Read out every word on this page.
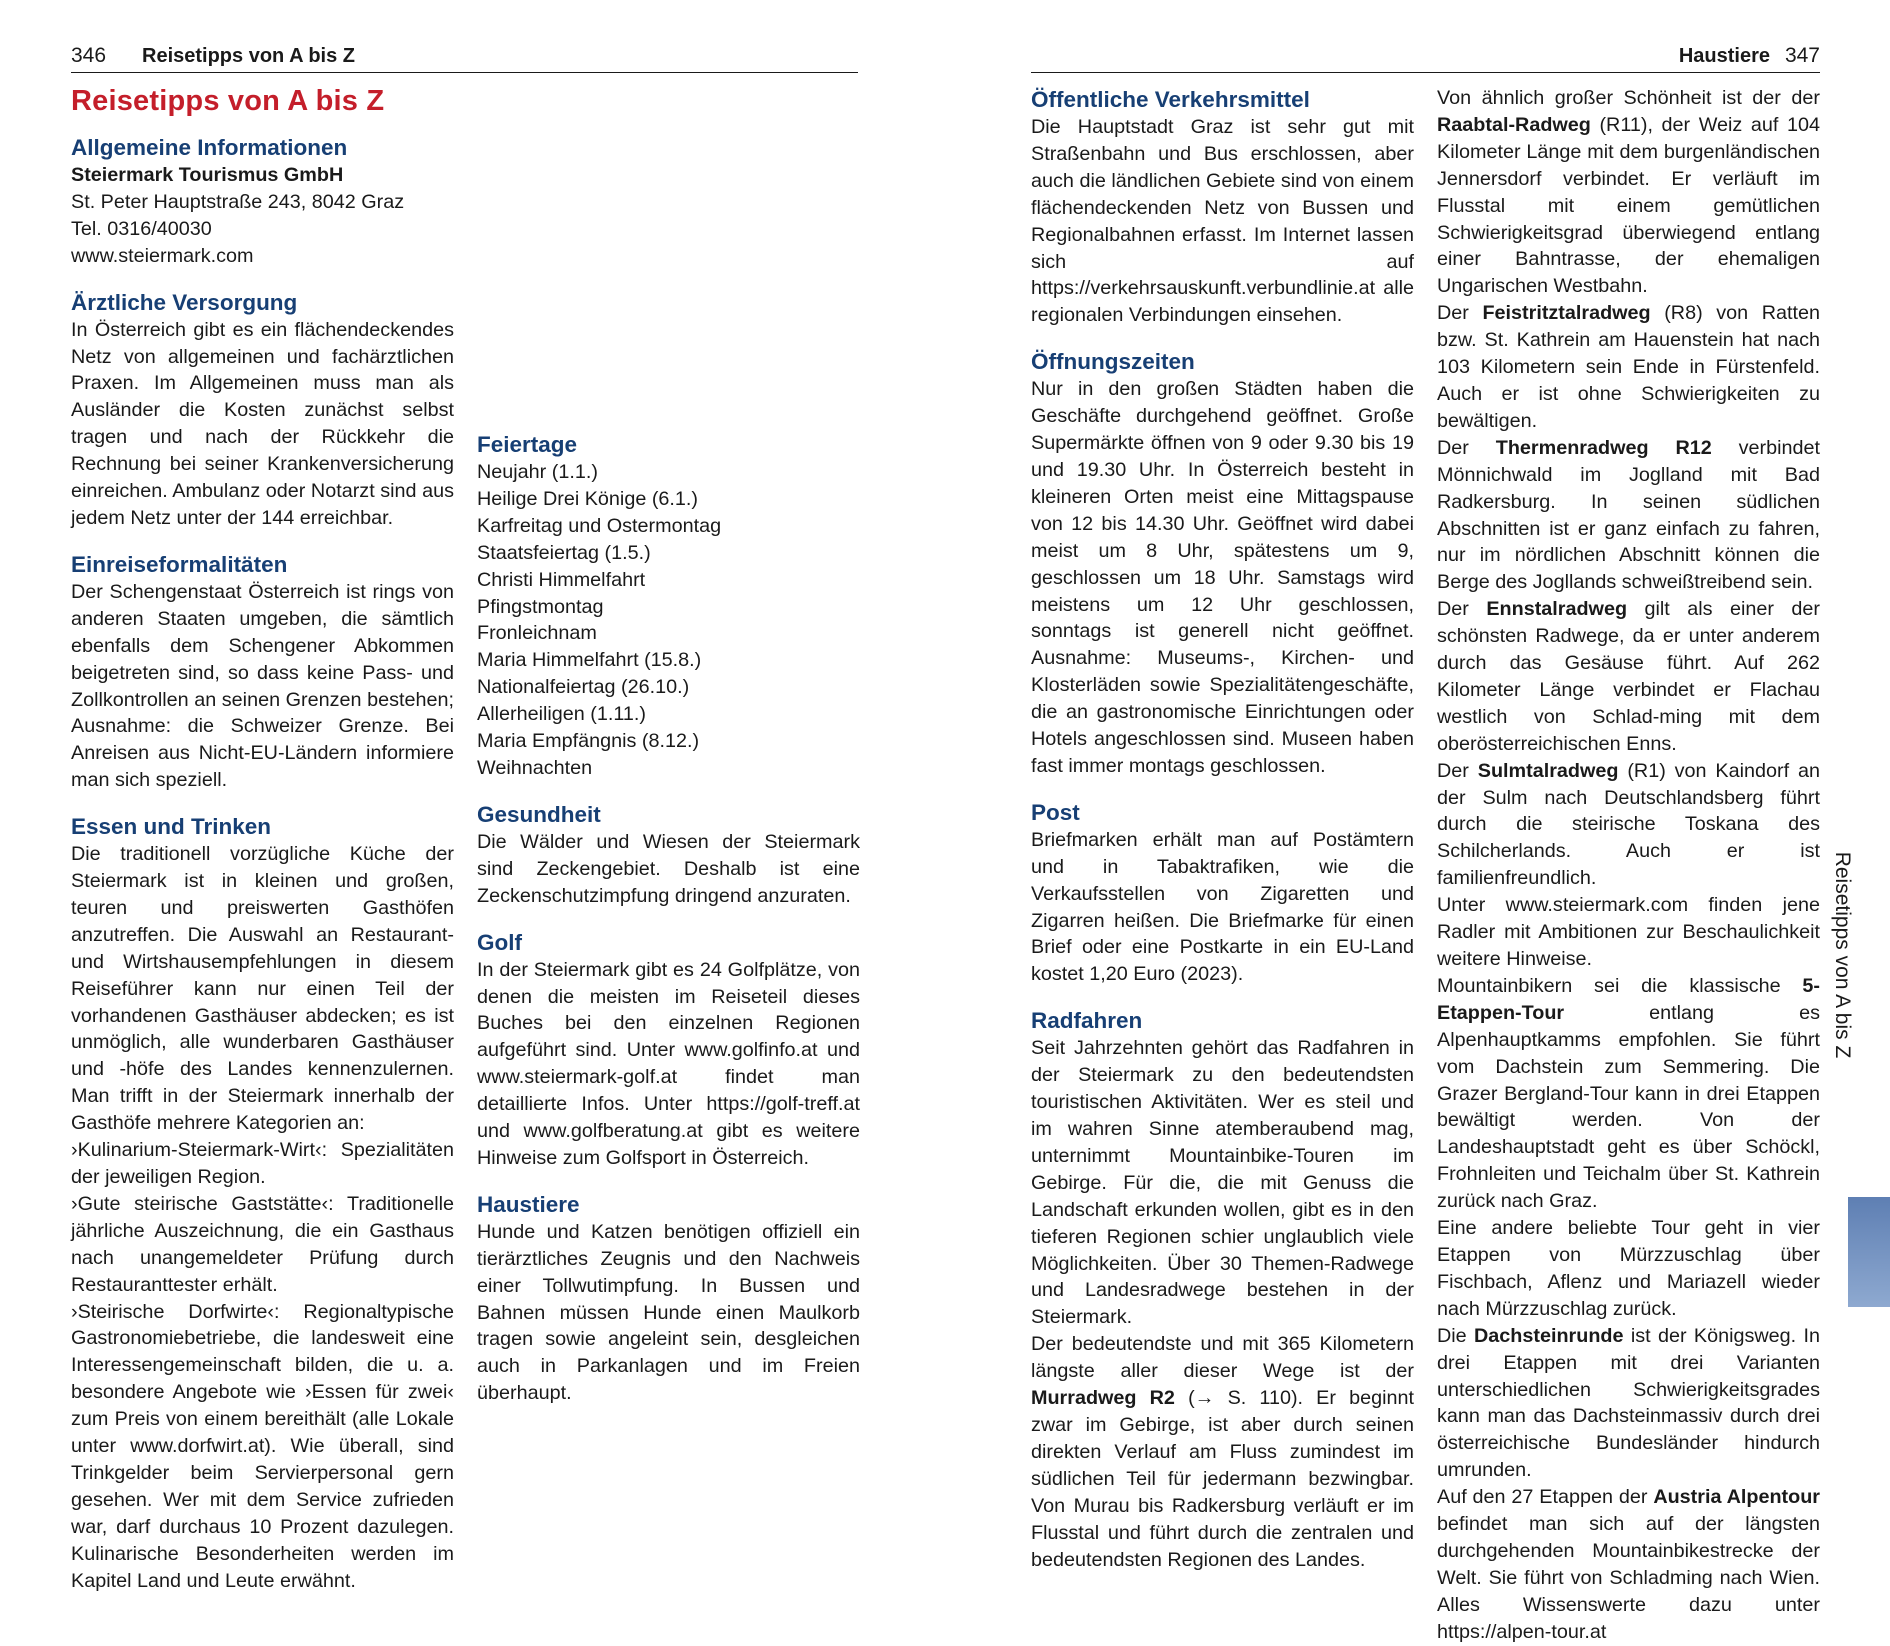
346 Reisetipps von A bis Z	Haustiere 347
Reisetipps von A bis Z
Allgemeine Informationen
Steiermark Tourismus GmbH
St. Peter Hauptstraße 243, 8042 Graz
Tel. 0316/40030
www.steiermark.com
Ärztliche Versorgung

In Österreich gibt es ein flächendeckendes Netz von allgemeinen und fachärztlichen Praxen. Im Allgemeinen muss man als Ausländer die Kosten zunächst selbst tragen und nach der Rückkehr die Rechnung bei seiner Krankenversicherung einreichen. Ambulanz oder Notarzt sind aus jedem Netz unter der 144 erreichbar.

Einreiseformalitäten

Der Schengenstaat Österreich ist rings von anderen Staaten umgeben, die sämtlich ebenfalls dem Schengener Abkommen beigetreten sind, so dass keine Pass- und Zollkontrollen an seinen Grenzen bestehen; Ausnahme: die Schweizer Grenze. Bei Anreisen aus Nicht-EU-Ländern informiere man sich speziell.

Essen und Trinken

Die traditionell vorzügliche Küche der Steiermark ist in kleinen und großen, teuren und preiswerten Gasthöfen anzutreffen. Die Auswahl an Restaurant- und Wirtshausempfehlungen in diesem Reiseführer kann nur einen Teil der vorhandenen Gasthäuser abdecken; es ist unmöglich, alle wunderbaren Gasthäuser und -höfe des Landes kennenzulernen. Man trifft in der Steiermark innerhalb der Gasthöfe mehrere Kategorien an:

›Kulinarium-Steiermark-Wirt‹: Spezialitäten der jeweiligen Region.

›Gute steirische Gaststätte‹: Traditionelle jährliche Auszeichnung, die ein Gasthaus nach unangemeldeter Prüfung durch Restauranttester erhält.

›Steirische Dorfwirte‹: Regionaltypische Gastronomiebetriebe, die landesweit eine Interessengemeinschaft bilden, die u. a. besondere Angebote wie ›Essen für zwei‹ zum Preis von einem bereithält (alle Lokale unter www.dorfwirt.at). Wie überall, sind Trinkgelder beim Servierpersonal gern gesehen. Wer mit dem Service zufrieden war, darf durchaus 10 Prozent dazulegen. Kulinarische Besonderheiten werden im Kapitel Land und Leute erwähnt.

Feiertage
Neujahr (1.1.)
Heilige Drei Könige (6.1.)
Karfreitag und Ostermontag
Staatsfeiertag (1.5.)
Christi Himmelfahrt
Pfingstmontag
Fronleichnam
Maria Himmelfahrt (15.8.)
Nationalfeiertag (26.10.)
Allerheiligen (1.11.)
Maria Empfängnis (8.12.)
Weihnachten
Gesundheit

Die Wälder und Wiesen der Steiermark sind Zeckengebiet. Deshalb ist eine Zeckenschutzimpfung dringend anzuraten.

Golf

In der Steiermark gibt es 24 Golfplätze, von denen die meisten im Reiseteil dieses Buches bei den einzelnen Regionen aufgeführt sind. Unter www.golfinfo.at und www.steiermark-golf.at findet man detaillierte Infos. Unter https://golf-treff.at und www.golfberatung.at gibt es weitere Hinweise zum Golfsport in Österreich.

Haustiere

Hunde und Katzen benötigen offiziell ein tierärztliches Zeugnis und den Nachweis einer Tollwutimpfung. In Bussen und Bahnen müssen Hunde einen Maulkorb tragen sowie angeleint sein, desgleichen auch in Parkanlagen und im Freien überhaupt.

Öffentliche Verkehrsmittel

Die Hauptstadt Graz ist sehr gut mit Straßenbahn und Bus erschlossen, aber auch die ländlichen Gebiete sind von einem flächendeckenden Netz von Bussen und Regionalbahnen erfasst. Im Internet lassen sich auf https://verkehrsauskunft.verbundlinie.at alle regionalen Verbindungen einsehen.

Öffnungszeiten

Nur in den großen Städten haben die Geschäfte durchgehend geöffnet. Große Supermärkte öffnen von 9 oder 9.30 bis 19 und 19.30 Uhr. In Österreich besteht in kleineren Orten meist eine Mittagspause von 12 bis 14.30 Uhr. Geöffnet wird dabei meist um 8 Uhr, spätestens um 9, geschlossen um 18 Uhr. Samstags wird meistens um 12 Uhr geschlossen, sonntags ist generell nicht geöffnet. Ausnahme: Museums-, Kirchen- und Klosterläden sowie Spezialitätengeschäfte, die an gastronomische Einrichtungen oder Hotels angeschlossen sind. Museen haben fast immer montags geschlossen.

Post

Briefmarken erhält man auf Postämtern und in Tabaktrafiken, wie die Verkaufsstellen von Zigaretten und Zigarren heißen. Die Briefmarke für einen Brief oder eine Postkarte in ein EU-Land kostet 1,20 Euro (2023).

Radfahren

Seit Jahrzehnten gehört das Radfahren in der Steiermark zu den bedeutendsten touristischen Aktivitäten. Wer es steil und im wahren Sinne atemberaubend mag, unternimmt Mountainbike-Touren im Gebirge. Für die, die mit Genuss die Landschaft erkunden wollen, gibt es in den tieferen Regionen schier unglaublich viele Möglichkeiten. Über 30 Themen-Radwege und Landesradwege bestehen in der Steiermark.

Der bedeutendste und mit 365 Kilometern längste aller dieser Wege ist der Murradweg R2 (→ S. 110). Er beginnt zwar im Gebirge, ist aber durch seinen direkten Verlauf am Fluss zumindest im südlichen Teil für jedermann bezwingbar. Von Murau bis Radkersburg verläuft er im Flusstal und führt durch die zentralen und bedeutendsten Regionen des Landes.

Von ähnlich großer Schönheit ist der der Raabtal-Radweg (R11), der Weiz auf 104 Kilometer Länge mit dem burgenländischen Jennersdorf verbindet. Er verläuft im Flusstal mit einem gemütlichen Schwierigkeitsgrad überwiegend entlang einer Bahntrasse, der ehemaligen Ungarischen Westbahn.

Der Feistritztalradweg (R8) von Ratten bzw. St. Kathrein am Hauenstein hat nach 103 Kilometern sein Ende in Fürstenfeld. Auch er ist ohne Schwierigkeiten zu bewältigen.

Der Thermenradweg R12 verbindet Mönnichwald im Joglland mit Bad Radkersburg. In seinen südlichen Abschnitten ist er ganz einfach zu fahren, nur im nördlichen Abschnitt können die Berge des Jogllands schweißtreibend sein.

Der Ennstalradweg gilt als einer der schönsten Radwege, da er unter anderem durch das Gesäuse führt. Auf 262 Kilometer Länge verbindet er Flachau westlich von Schlad-ming mit dem oberösterreichischen Enns.

Der Sulmtalradweg (R1) von Kaindorf an der Sulm nach Deutschlandsberg führt durch die steirische Toskana des Schilcherlands. Auch er ist familienfreundlich.

Unter www.steiermark.com finden jene Radler mit Ambitionen zur Beschaulichkeit weitere Hinweise.

Mountainbikern sei die klassische 5-Etappen-Tour entlang es Alpenhauptkamms empfohlen. Sie führt vom Dachstein zum Semmering. Die Grazer Bergland-Tour kann in drei Etappen bewältigt werden. Von der Landeshauptstadt geht es über Schöckl, Frohnleiten und Teichalm über St. Kathrein zurück nach Graz.

Eine andere beliebte Tour geht in vier Etappen von Mürzzuschlag über Fischbach, Aflenz und Mariazell wieder nach Mürzzuschlag zurück.

Die Dachsteinrunde ist der Königsweg. In drei Etappen mit drei Varianten unterschiedlichen Schwierigkeitsgrades kann man das Dachsteinmassiv durch drei österreichische Bundesländer hindurch umrunden.

Auf den 27 Etappen der Austria Alpentour befindet man sich auf der längsten durchgehenden Mountainbikestrecke der Welt. Sie führt von Schladming nach Wien. Alles Wissenswerte dazu unter https://alpen-tour.at

Reisetipps von A bis Z
